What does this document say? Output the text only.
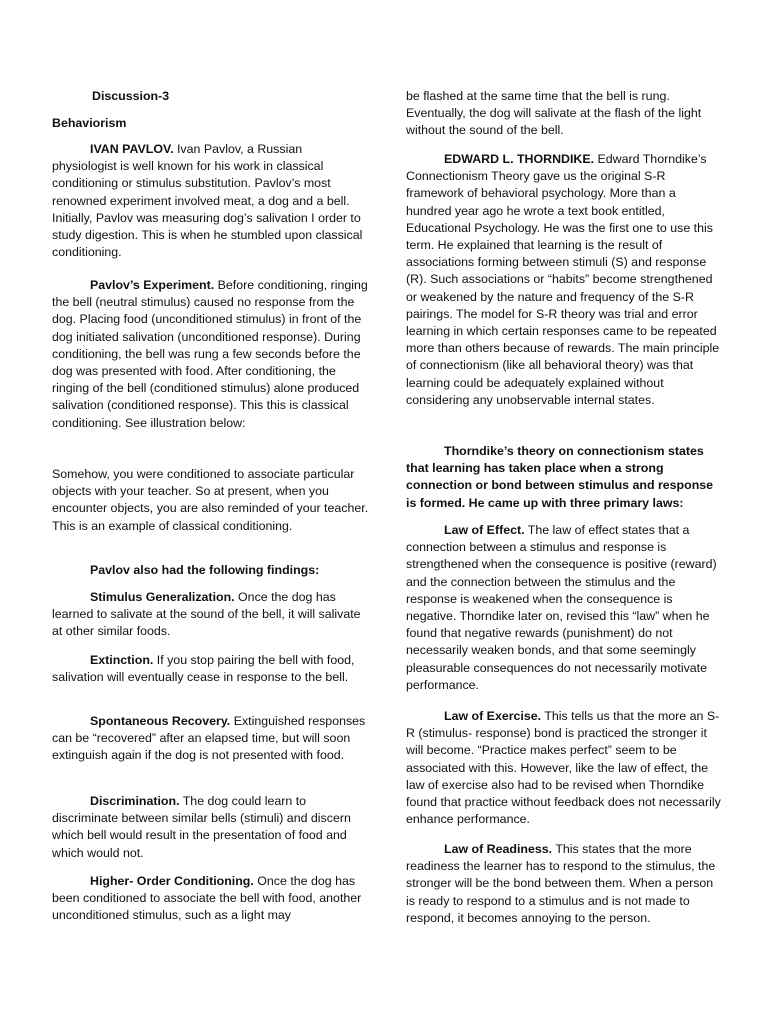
Discussion-3

Behaviorism

IVAN PAVLOV. Ivan Pavlov, a Russian physiologist is well known for his work in classical conditioning or stimulus substitution. Pavlov’s most renowned experiment involved meat, a dog and a bell. Initially, Pavlov was measuring dog’s salivation I order to study digestion. This is when he stumbled upon classical conditioning.

Pavlov’s Experiment. Before conditioning, ringing the bell (neutral stimulus) caused no response from the dog. Placing food (unconditioned stimulus) in front of the dog initiated salivation (unconditioned response). During conditioning, the bell was rung a few seconds before the dog was presented with food. After conditioning, the ringing of the bell (conditioned stimulus) alone produced salivation (conditioned response). This this is classical conditioning. See illustration below:

Somehow, you were conditioned to associate particular objects with your teacher. So at present, when you encounter objects, you are also reminded of your teacher. This is an example of classical conditioning.

Pavlov also had the following findings:

Stimulus Generalization. Once the dog has learned to salivate at the sound of the bell, it will salivate at other similar foods.

Extinction. If you stop pairing the bell with food, salivation will eventually cease in response to the bell.

Spontaneous Recovery. Extinguished responses can be “recovered” after an elapsed time, but will soon extinguish again if the dog is not presented with food.

Discrimination. The dog could learn to discriminate between similar bells (stimuli) and discern which bell would result in the presentation of food and which would not.

Higher- Order Conditioning. Once the dog has been conditioned to associate the bell with food, another unconditioned stimulus, such as a light may

be flashed at the same time that the bell is rung. Eventually, the dog will salivate at the flash of the light without the sound of the bell.

EDWARD L. THORNDIKE. Edward Thorndike’s Connectionism Theory gave us the original S-R framework of behavioral psychology. More than a hundred year ago he wrote a text book entitled, Educational Psychology. He was the first one to use this term. He explained that learning is the result of associations forming between stimuli (S) and response (R). Such associations or “habits” become strengthened or weakened by the nature and frequency of the S-R pairings. The model for S-R theory was trial and error learning in which certain responses came to be repeated more than others because of rewards. The main principle of connectionism (like all behavioral theory) was that learning could be adequately explained without considering any unobservable internal states.

Thorndike’s theory on connectionism states that learning has taken place when a strong connection or bond between stimulus and response is formed. He came up with three primary laws:

Law of Effect. The law of effect states that a connection between a stimulus and response is strengthened when the consequence is positive (reward) and the connection between the stimulus and the response is weakened when the consequence is negative. Thorndike later on, revised this “law” when he found that negative rewards (punishment) do not necessarily weaken bonds, and that some seemingly pleasurable consequences do not necessarily motivate performance.

Law of Exercise. This tells us that the more an S-R (stimulus- response) bond is practiced the stronger it will become. “Practice makes perfect” seem to be associated with this. However, like the law of effect, the law of exercise also had to be revised when Thorndike found that practice without feedback does not necessarily enhance performance.

Law of Readiness. This states that the more readiness the learner has to respond to the stimulus, the stronger will be the bond between them. When a person is ready to respond to a stimulus and is not made to respond, it becomes annoying to the person.
